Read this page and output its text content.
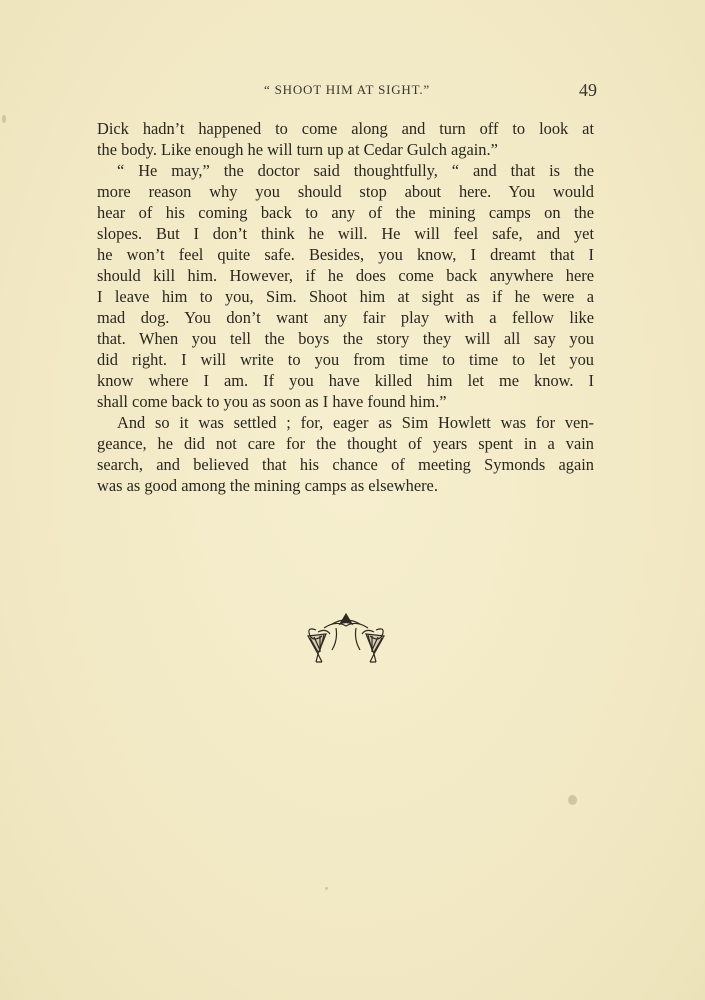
“ SHOOT HIM AT SIGHT.”	49
Dick hadn’t happened to come along and turn off to look at
the body. Like enough he will turn up at Cedar Gulch again.”
“ He may,” the doctor said thoughtfully, “ and that is the
more reason why you should stop about here. You would
hear of his coming back to any of the mining camps on the
slopes. But I don’t think he will. He will feel safe, and yet
he won’t feel quite safe. Besides, you know, I dreamt that I
should kill him. However, if he does come back anywhere here
I leave him to you, Sim. Shoot him at sight as if he were a
mad dog. You don’t want any fair play with a fellow like
that. When you tell the boys the story they will all say you
did right. I will write to you from time to time to let you
know where I am. If you have killed him let me know. I
shall come back to you as soon as I have found him.”
And so it was settled ; for, eager as Sim Howlett was for ven-
geance, he did not care for the thought of years spent in a vain
search, and believed that his chance of meeting Symonds again
was as good among the mining camps as elsewhere.
